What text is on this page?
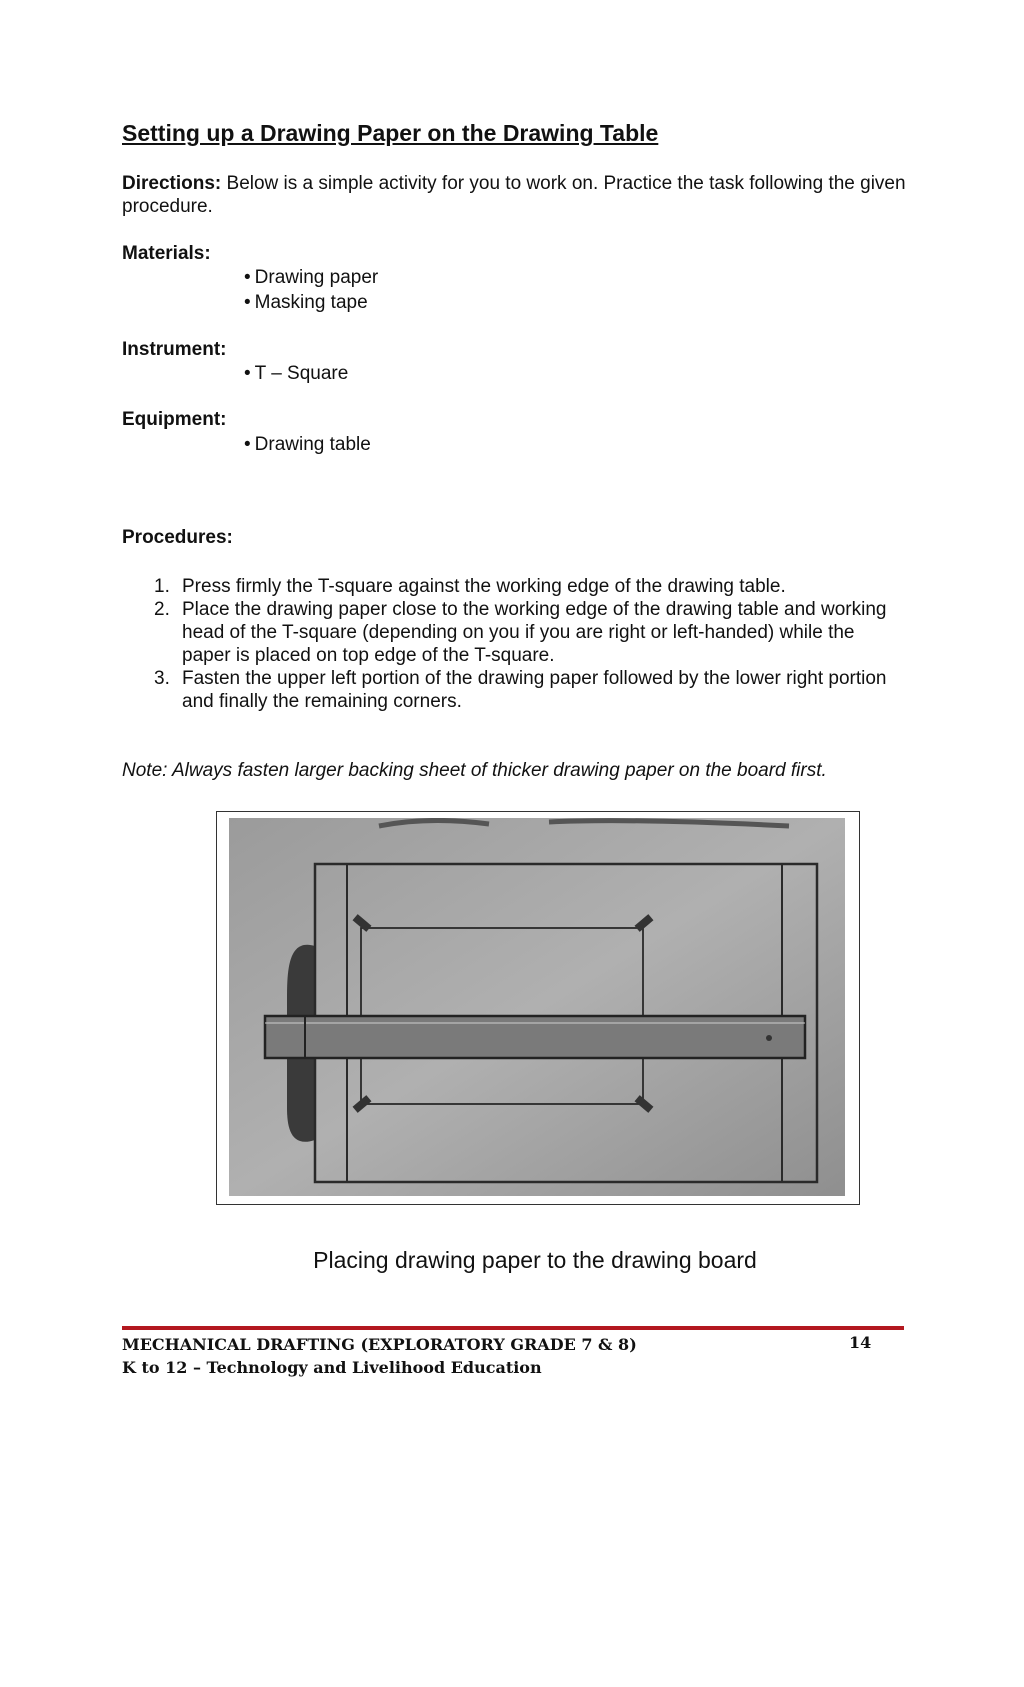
Setting up a Drawing Paper on the Drawing Table

Directions: Below is a simple activity for you to work on. Practice the task following the given procedure.

Materials:

• Drawing paper
• Masking tape

Instrument:

• T – Square

Equipment:

• Drawing table

Procedures:

1. Press firmly the T-square against the working edge of the drawing table.
2. Place the drawing paper close to the working edge of the drawing table and working head of the T-square (depending on you if you are right or left-handed) while the paper is placed on top edge of the T-square.
3. Fasten the upper left portion of the drawing paper followed by the lower right portion and finally the remaining corners.

Note: Always fasten larger backing sheet of thicker drawing paper on the board first.

Placing drawing paper to the drawing board

MECHANICAL DRAFTING (EXPLORATORY GRADE 7 & 8)
K to 12 – Technology and Livelihood Education
14
